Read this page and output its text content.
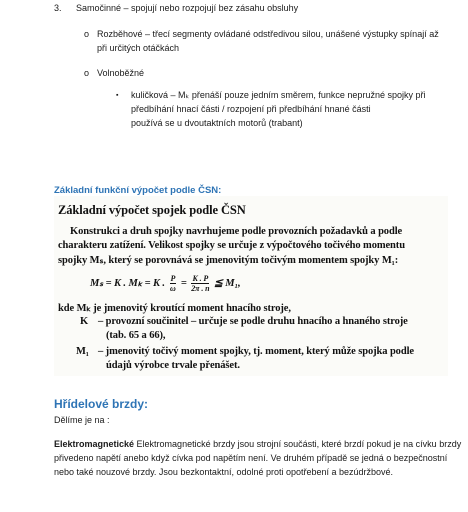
3. Samočinné – spojují nebo rozpojují bez zásahu obsluhy
o Rozběhové – třecí segmenty ovládané odstředivou silou, unášené výstupky spínají až
při určitých otáčkách
o Volnoběžné
▪ kuličková – Mₖ přenáší pouze jedním směrem, funkce nepružné spojky při
předbíhání hnací části / rozpojení při předbíhání hnané části
používá se u dvoutaktních motorů (trabant)
Základní funkční výpočet podle ČSN:
Základní výpočet spojek podle ČSN
Konstrukci a druh spojky navrhujeme podle provozních požadavků a podle
charakteru zatížení. Velikost spojky se určuje z výpočtového točivého momentu
spojky Mₛ, který se porovnává se jmenovitým točivým momentem spojky M₁:
Mₛ = K . Mₖ = K . $\frac{P}{\omega} = \frac{K . P}{2\pi . n}$ ≦ M₁,
kde Mₖ je jmenovitý kroutící moment hnacího stroje,
K – provozní součinitel – určuje se podle druhu hnacího a hnaného stroje
(tab. 65 a 66),
M₁ – jmenovitý točivý moment spojky, tj. moment, který může spojka podle
údajů výrobce trvale přenášet.
Hřídelové brzdy:
Dělíme je na :
Elektromagnetické Elektromagnetické brzdy jsou strojní součásti, které brzdí pokud je na cívku brzdy
přivedeno napětí anebo když cívka pod napětím není. Ve druhém případě se jedná o bezpečnostní
nebo také nouzové brzdy. Jsou bezkontaktní, odolné proti opotřebení a bezúdržbové.
